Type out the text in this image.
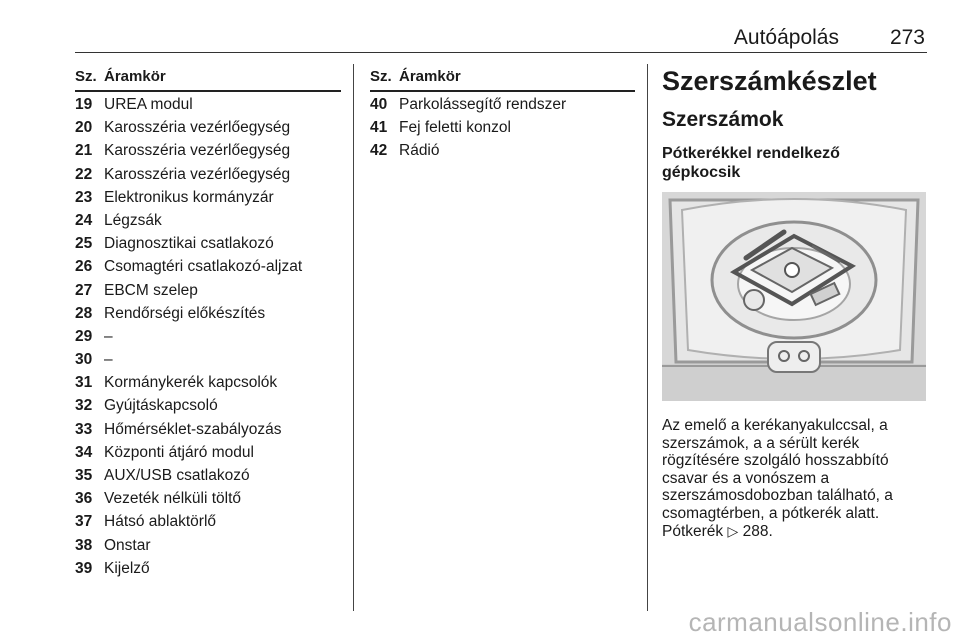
Autóápolás 273
Sz. Áramkör
19 UREA modul
20 Karosszéria vezérlőegység
21 Karosszéria vezérlőegység
22 Karosszéria vezérlőegység
23 Elektronikus kormányzár
24 Légzsák
25 Diagnosztikai csatlakozó
26 Csomagtéri csatlakozó-aljzat
27 EBCM szelep
28 Rendőrségi előkészítés
29 –
30 –
31 Kormánykerék kapcsolók
32 Gyújtáskapcsoló
33 Hőmérséklet-szabályozás
34 Központi átjáró modul
35 AUX/USB csatlakozó
36 Vezeték nélküli töltő
37 Hátsó ablaktörlő
38 Onstar
39 Kijelző
Sz. Áramkör
40 Parkolássegítő rendszer
41 Fej feletti konzol
42 Rádió
Szerszámkészlet
Szerszámok
Pótkerékkel rendelkező gépkocsik
Az emelő a kerékanyakulccsal, a szerszámok, a a sérült kerék rögzítésére szolgáló hosszabbító csavar és a vonószem a szerszámosdobozban található, a csomagtérben, a pótkerék alatt.
Pótkerék ▷ 288.
carmanualsonline.info
